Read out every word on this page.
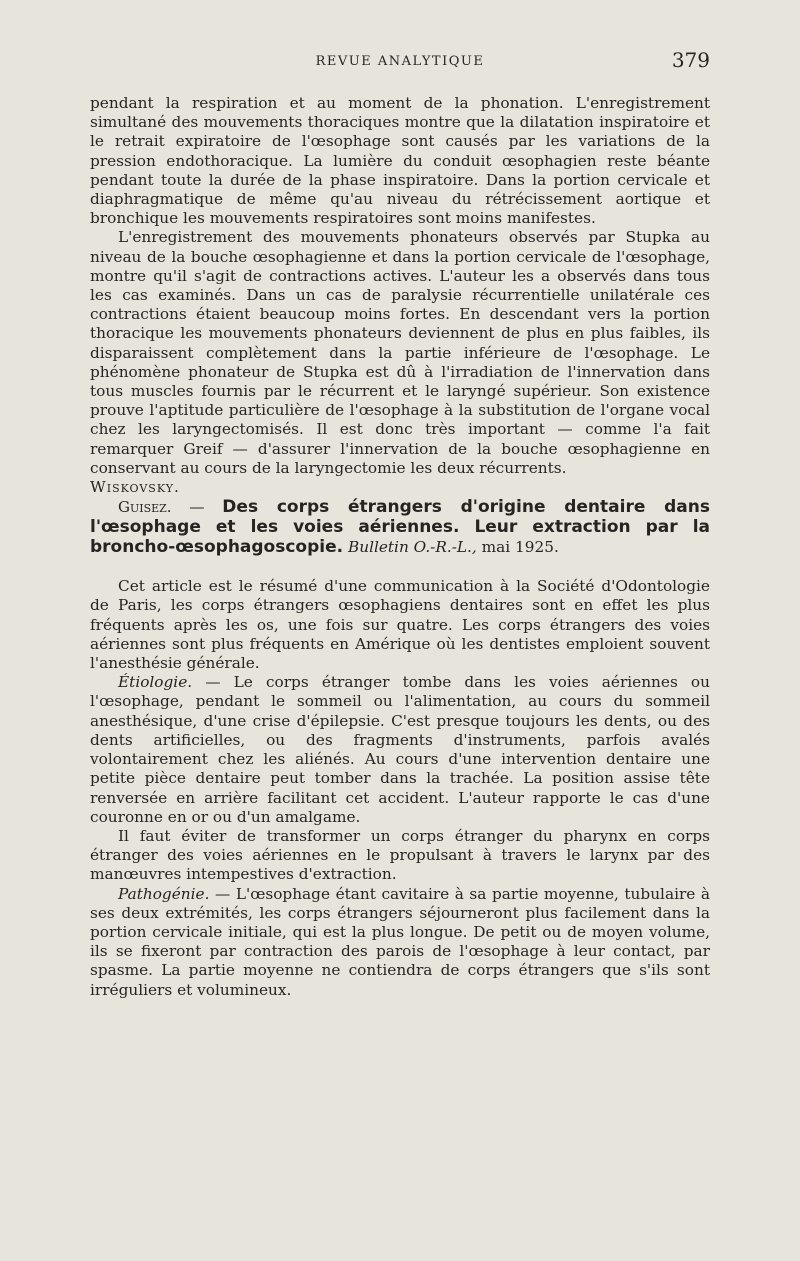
REVUE ANALYTIQUE	379

pendant la respiration et au moment de la phonation. L'enregistrement simultané des mouvements thoraciques montre que la dilatation inspiratoire et le retrait expiratoire de l'œsophage sont causés par les variations de la pression endothoracique. La lumière du conduit œsophagien reste béante pendant toute la durée de la phase inspiratoire. Dans la portion cervicale et diaphragmatique de même qu'au niveau du rétrécissement aortique et bronchique les mouvements respiratoires sont moins manifestes.

L'enregistrement des mouvements phonateurs observés par Stupka au niveau de la bouche œsophagienne et dans la portion cervicale de l'œsophage, montre qu'il s'agit de contractions actives. L'auteur les a observés dans tous les cas examinés. Dans un cas de paralysie récurrentielle unilatérale ces contractions étaient beaucoup moins fortes. En descendant vers la portion thoracique les mouvements phonateurs deviennent de plus en plus faibles, ils disparaissent complètement dans la partie inférieure de l'œsophage. Le phénomène phonateur de Stupka est dû à l'irradiation de l'innervation dans tous muscles fournis par le récurrent et le laryngé supérieur. Son existence prouve l'aptitude particulière de l'œsophage à la substitution de l'organe vocal chez les laryngectomisés. Il est donc très important — comme l'a fait remarquer Greif — d'assurer l'innervation de la bouche œsophagienne en conservant au cours de la laryngectomie les deux récurrents.

Wiskovsky.

Guisez. — Des corps étrangers d'origine dentaire dans l'œsophage et les voies aériennes. Leur extraction par la broncho-œsophagoscopie. Bulletin O.-R.-L., mai 1925.

Cet article est le résumé d'une communication à la Société d'Odontologie de Paris, les corps étrangers œsophagiens dentaires sont en effet les plus fréquents après les os, une fois sur quatre. Les corps étrangers des voies aériennes sont plus fréquents en Amérique où les dentistes emploient souvent l'anesthésie générale.

Étiologie. — Le corps étranger tombe dans les voies aériennes ou l'œsophage, pendant le sommeil ou l'alimentation, au cours du sommeil anesthésique, d'une crise d'épilepsie. C'est presque toujours les dents, ou des dents artificielles, ou des fragments d'instruments, parfois avalés volontairement chez les aliénés. Au cours d'une intervention dentaire une petite pièce dentaire peut tomber dans la trachée. La position assise tête renversée en arrière facilitant cet accident. L'auteur rapporte le cas d'une couronne en or ou d'un amalgame.

Il faut éviter de transformer un corps étranger du pharynx en corps étranger des voies aériennes en le propulsant à travers le larynx par des manœuvres intempestives d'extraction.

Pathogénie. — L'œsophage étant cavitaire à sa partie moyenne, tubulaire à ses deux extrémités, les corps étrangers séjourneront plus facilement dans la portion cervicale initiale, qui est la plus longue. De petit ou de moyen volume, ils se fixeront par contraction des parois de l'œsophage à leur contact, par spasme. La partie moyenne ne contiendra de corps étrangers que s'ils sont irréguliers et volumineux.
